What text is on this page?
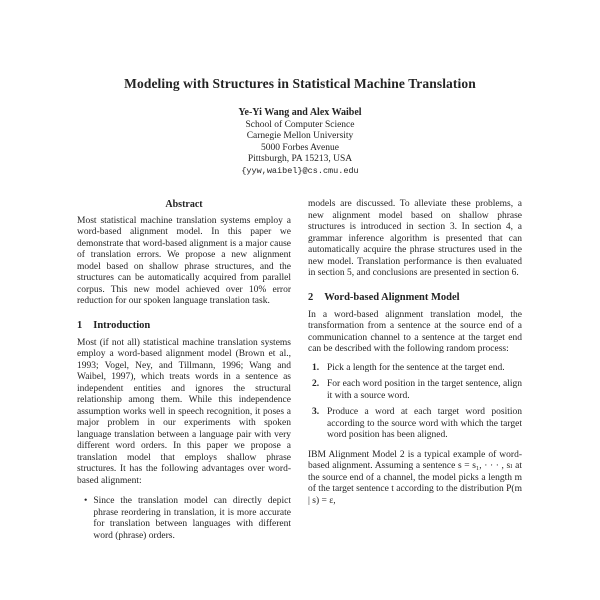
Modeling with Structures in Statistical Machine Translation
Ye-Yi Wang and Alex Waibel
School of Computer Science
Carnegie Mellon University
5000 Forbes Avenue
Pittsburgh, PA 15213, USA
{yyw,waibel}@cs.cmu.edu
Abstract

Most statistical machine translation systems employ a word-based alignment model. In this paper we demonstrate that word-based alignment is a major cause of translation errors. We propose a new alignment model based on shallow phrase structures, and the structures can be automatically acquired from parallel corpus. This new model achieved over 10% error reduction for our spoken language translation task.

1 Introduction

Most (if not all) statistical machine translation systems employ a word-based alignment model (Brown et al., 1993; Vogel, Ney, and Tillmann, 1996; Wang and Waibel, 1997), which treats words in a sentence as independent entities and ignores the structural relationship among them. While this independence assumption works well in speech recognition, it poses a major problem in our experiments with spoken language translation between a language pair with very different word orders. In this paper we propose a translation model that employs shallow phrase structures. It has the following advantages over word-based alignment:

• Since the translation model can directly depict phrase reordering in translation, it is more accurate for translation between languages with different word (phrase) orders.

models are discussed. To alleviate these problems, a new alignment model based on shallow phrase structures is introduced in section 3. In section 4, a grammar inference algorithm is presented that can automatically acquire the phrase structures used in the new model. Translation performance is then evaluated in section 5, and conclusions are presented in section 6.

2 Word-based Alignment Model

In a word-based alignment translation model, the transformation from a sentence at the source end of a communication channel to a sentence at the target end can be described with the following random process:

1. Pick a length for the sentence at the target end.
2. For each word position in the target sentence, align it with a source word.
3. Produce a word at each target word position according to the source word with which the target word position has been aligned.

IBM Alignment Model 2 is a typical example of word-based alignment. Assuming a sentence s = s₁, · · · , sₗ at the source end of a channel, the model picks a length m of the target sentence t according to the distribution P(m | s) = ε,
